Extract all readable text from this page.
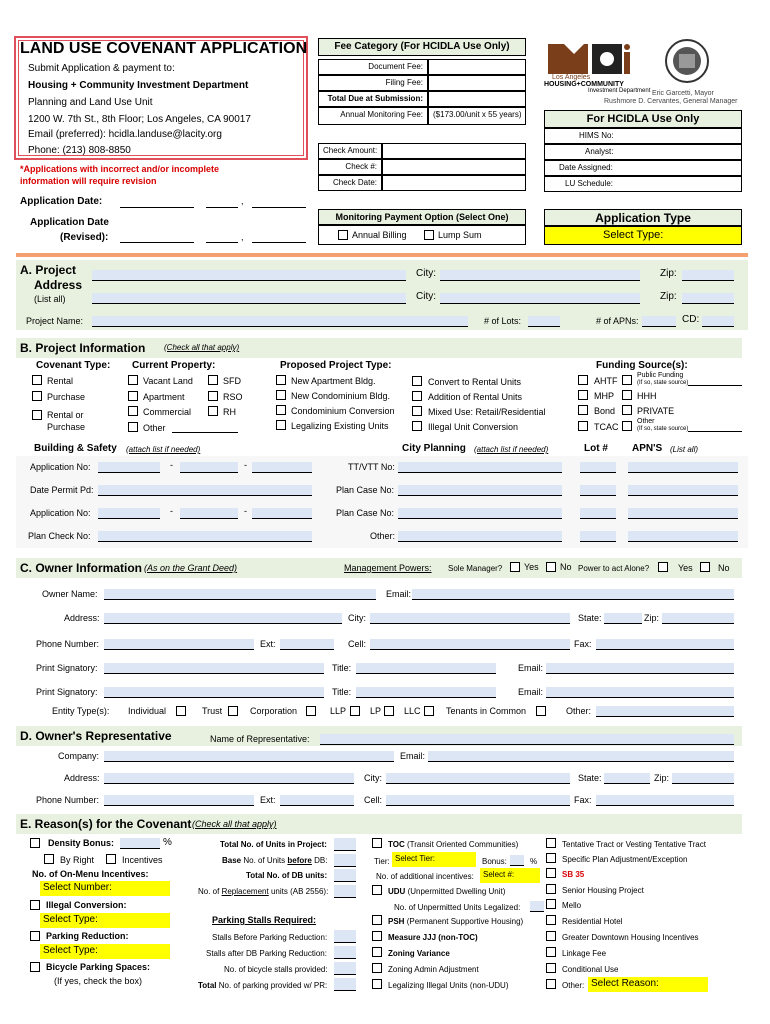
LAND USE COVENANT APPLICATION
Submit Application & payment to:
Housing + Community Investment Department
Planning and Land Use Unit
1200 W. 7th St., 8th Floor; Los Angeles, CA 90017
Email (preferred): hcidla.landuse@lacity.org
Phone: (213) 808-8850
*Applications with incorrect and/or incomplete information will require revision
Fee Category (For HCIDLA Use Only)
Document Fee:
Filing Fee:
Total Due at Submission:
Annual Monitoring Fee:	($173.00/unit x 55 years)
Check Amount:
Check #:
Check Date:
Los Angeles
HOUSING+COMMUNITY
Investment Department Eric Garcetti, Mayor
Rushmore D. Cervantes, General Manager
For HCIDLA Use Only
HIMS No:
Analyst:
Date Assigned:
LU Schedule:
Application Date:	,
Application Date
(Revised):	,
Monitoring Payment Option (Select One)
Annual Billing	Lump Sum
Application Type
Select Type:
A. Project
Address
(List all)
City:	Zip:
City:	Zip:
Project Name:	# of Lots:	# of APNs:	CD:
B. Project Information (Check all that apply)
Covenant Type:
Rental
Purchase
Rental or
Purchase
Current Property:
Vacant Land
Apartment
Commercial
Other
SFD
RSO
RH
Proposed Project Type:
New Apartment Bldg.
New Condominium Bldg.
Condominium Conversion
Legalizing Existing Units
Convert to Rental Units
Addition of Rental Units
Mixed Use: Retail/Residential
Illegal Unit Conversion
Funding Source(s):
AHTF
Public Funding
(If so, state source)
MHP	HHH
Bond PRIVATE
TCAC
Other
(If so, state source)
Building & Safety (attach list if needed)	City Planning (attach list if needed)	Lot # APN'S (List all)
Application No:	-	-	TT/VTT No:
Date Permit Pd:	Plan Case No:
Application No:	-	-	Plan Case No:
Plan Check No:	Other:
C. Owner Information (As on the Grant Deed)	Management Powers: Sole Manager? Yes No Power to act Alone?	Yes	No
Owner Name:	Email:
Address:	City:	State:	Zip:
Phone Number:	Ext:	Cell:	Fax:
Print Signatory:	Title:	Email:
Print Signatory:	Title:	Email:
Entity Type(s): Individual	Trust	Corporation	LLP	LP	LLC	Tenants in Common	Other:
D. Owner's Representative	Name of Representative:
Company:	Email:
Address:	City:	State:	Zip:
Phone Number:	Ext:	Cell:	Fax:
E. Reason(s) for the Covenant (Check all that apply)
Density Bonus:	%
By Right	Incentives
No. of On-Menu Incentives:
Select Number:
Illegal Conversion:
Select Type:
Parking Reduction:
Select Type:
Bicycle Parking Spaces:
(If yes, check the box)
Total No. of Units in Project:
Base No. of Units before DB:
Total No. of DB units:
No. of Replacement units (AB 2556):
Parking Stalls Required:
Stalls Before Parking Reduction:
Stalls after DB Parking Reduction:
No. of bicycle stalls provided:
Total No. of parking provided w/ PR:
TOC (Transit Oriented Communities)
Tier: Select Tier:	Bonus:	%
No. of additional incentives:	Select #:
UDU (Unpermitted Dwelling Unit)
No. of Unpermitted Units Legalized:
PSH (Permanent Supportive Housing)
Measure JJJ (non-TOC)
Zoning Variance
Zoning Admin Adjustment
Legalizing Illegal Units (non-UDU)
Tentative Tract or Vesting Tentative Tract
Specific Plan Adjustment/Exception
SB 35
Senior Housing Project
Mello
Residential Hotel
Greater Downtown Housing Incentives
Linkage Fee
Conditional Use
Other: Select Reason:
